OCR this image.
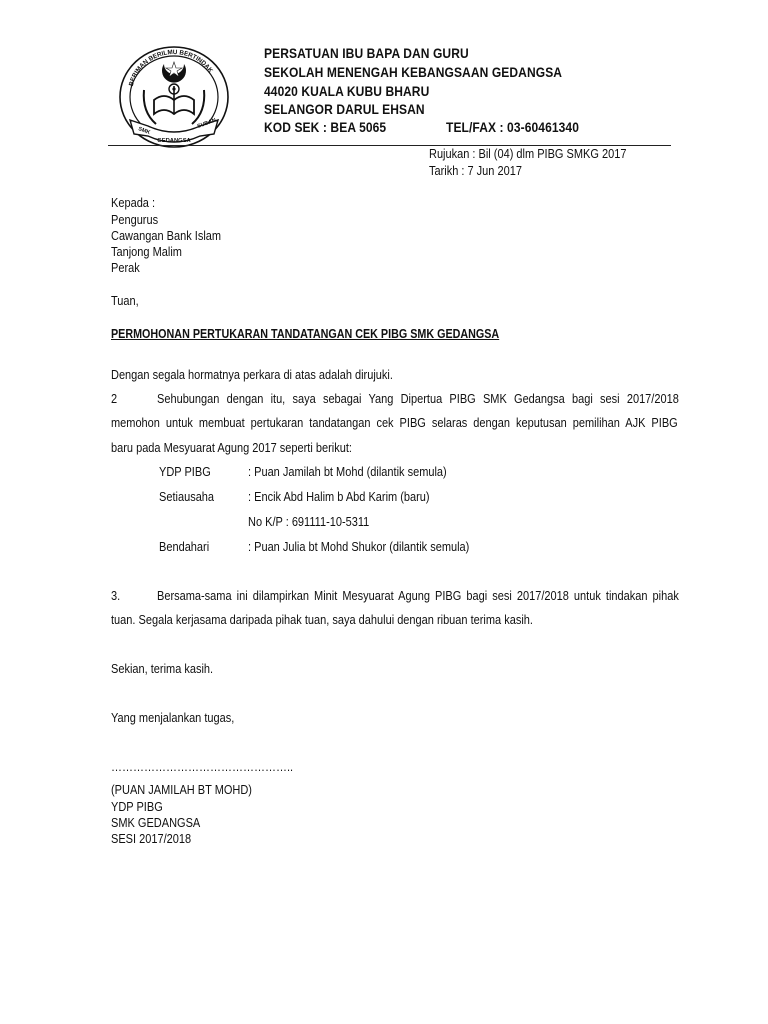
BERIMAN BERILMU BERTINDAK
SMK
SUBAN
GEDANGSA
PERSATUAN IBU BAPA DAN GURU
SEKOLAH MENENGAH KEBANGSAAN GEDANGSA
44020 KUALA KUBU BHARU
SELANGOR DARUL EHSAN
KOD SEK : BEA 5065	TEL/FAX : 03-60461340
Rujukan : Bil (04) dlm PIBG SMKG 2017
Tarikh : 7 Jun 2017
Kepada :
Pengurus
Cawangan Bank Islam
Tanjong Malim
Perak
Tuan,
PERMOHONAN PERTUKARAN TANDATANGAN CEK PIBG SMK GEDANGSA
Dengan segala hormatnya perkara di atas adalah dirujuki.
2	Sehubungan dengan itu, saya sebagai Yang Dipertua PIBG SMK Gedangsa bagi sesi 2017/2018
memohon untuk membuat pertukaran tandatangan cek PIBG selaras dengan keputusan pemilihan AJK PIBG
baru pada Mesyuarat Agung 2017 seperti berikut:
YDP PIBG	: Puan Jamilah bt Mohd (dilantik semula)
Setiausaha	: Encik Abd Halim b Abd Karim (baru)
No K/P : 691111-10-5311
Bendahari	: Puan Julia bt Mohd Shukor (dilantik semula)
3.	Bersama-sama ini dilampirkan Minit Mesyuarat Agung PIBG bagi sesi 2017/2018 untuk tindakan pihak
tuan. Segala kerjasama daripada pihak tuan, saya dahului dengan ribuan terima kasih.
Sekian, terima kasih.
Yang menjalankan tugas,
…………………………………………..
(PUAN JAMILAH BT MOHD)
YDP PIBG
SMK GEDANGSA
SESI 2017/2018
